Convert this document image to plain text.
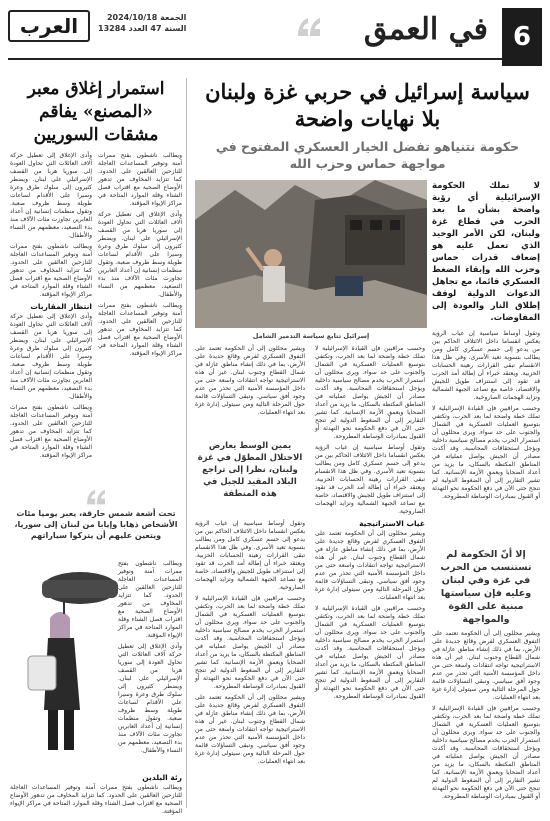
6
في العمق
العرب	الجمعة 2024/10/18
السنة 47 العدد 13284
سياسة إسرائيل في حربي غزة ولبنان بلا نهايات واضحة
حكومة نتنياهو تفضل الخيار العسكري المفتوح في مواجهة حماس وحزب الله
استمرار إغلاق معبر «المصنع» يفاقم مشقات السوريين
إسرائيل تتابع سياسة التدمير الشامل
لا تملك الحكومة الإسرائيلية أي رؤية واضحة بشأن ما بعد الحرب في قطاع غزة ولبنان، لكن الأمر الوحيد الذي تعمل عليه هو إضعاف قدرات حماس وحزب الله وإبقاء الضغط العسكري قائما، مع تجاهل الدعوات الدولية لوقف إطلاق النار والعودة إلى المفاوضات.

وتقول أوساط سياسية إن غياب الرؤية يعكس انقساما داخل الائتلاف الحاكم بين من يدعو إلى حسم عسكري كامل ومن يطالب بتسوية تعيد الأسرى. وفي ظل هذا الانقسام تبقى القرارات رهينة الحسابات الحزبية. ويعتقد خبراء أن إطالة أمد الحرب قد تقود إلى استنزاف طويل للجيش والاقتصاد، خاصة مع تصاعد الجبهة الشمالية وتزايد الهجمات الصاروخية.

وحسب مراقبين فإن القيادة الإسرائيلية لا تملك خطة واضحة لما بعد الحرب، وتكتفي بتوسيع العمليات العسكرية في الشمال والجنوب على حد سواء. ويرى محللون أن استمرار الحرب يخدم مصالح سياسية داخلية ويؤجل استحقاقات المحاسبة. وقد أكدت مصادر أن الجيش يواصل عملياته في المناطق المكتظة بالسكان، ما يزيد من أعداد الضحايا ويعمق الأزمة الإنسانية. كما تشير التقارير إلى أن الضغوط الدولية لم تنجح حتى الآن في دفع الحكومة نحو التهدئة أو القبول بمبادرات الوساطة المطروحة.

إلا أنّ الحكومة لم تستنسب من الحرب في غزة وفي لبنان وعليه فإن سياستها مبنية على القوة والمواجهة

ويشير محللون إلى أن الحكومة تعتمد على التفوق العسكري لفرض وقائع جديدة على الأرض، بما في ذلك إنشاء مناطق عازلة في شمال القطاع وجنوب لبنان. غير أن هذه الاستراتيجية تواجه انتقادات واسعة حتى من داخل المؤسسة الأمنية التي تحذر من عدم وجود أفق سياسي. وتبقى التساؤلات قائمة حول المرحلة التالية ومن سيتولى إدارة غزة بعد انتهاء العمليات.

وحسب مراقبين فإن القيادة الإسرائيلية لا تملك خطة واضحة لما بعد الحرب، وتكتفي بتوسيع العمليات العسكرية في الشمال والجنوب على حد سواء. ويرى محللون أن استمرار الحرب يخدم مصالح سياسية داخلية ويؤجل استحقاقات المحاسبة. وقد أكدت مصادر أن الجيش يواصل عملياته في المناطق المكتظة بالسكان، ما يزيد من أعداد الضحايا ويعمق الأزمة الإنسانية. كما تشير التقارير إلى أن الضغوط الدولية لم تنجح حتى الآن في دفع الحكومة نحو التهدئة أو القبول بمبادرات الوساطة المطروحة.

وحسب مراقبين فإن القيادة الإسرائيلية لا تملك خطة واضحة لما بعد الحرب، وتكتفي بتوسيع العمليات العسكرية في الشمال والجنوب على حد سواء. ويرى محللون أن استمرار الحرب يخدم مصالح سياسية داخلية ويؤجل استحقاقات المحاسبة. وقد أكدت مصادر أن الجيش يواصل عملياته في المناطق المكتظة بالسكان، ما يزيد من أعداد الضحايا ويعمق الأزمة الإنسانية. كما تشير التقارير إلى أن الضغوط الدولية لم تنجح حتى الآن في دفع الحكومة نحو التهدئة أو القبول بمبادرات الوساطة المطروحة.

وتقول أوساط سياسية إن غياب الرؤية يعكس انقساما داخل الائتلاف الحاكم بين من يدعو إلى حسم عسكري كامل ومن يطالب بتسوية تعيد الأسرى. وفي ظل هذا الانقسام تبقى القرارات رهينة الحسابات الحزبية. ويعتقد خبراء أن إطالة أمد الحرب قد تقود إلى استنزاف طويل للجيش والاقتصاد، خاصة مع تصاعد الجبهة الشمالية وتزايد الهجمات الصاروخية.

غياب الاستراتيجية

ويشير محللون إلى أن الحكومة تعتمد على التفوق العسكري لفرض وقائع جديدة على الأرض، بما في ذلك إنشاء مناطق عازلة في شمال القطاع وجنوب لبنان. غير أن هذه الاستراتيجية تواجه انتقادات واسعة حتى من داخل المؤسسة الأمنية التي تحذر من عدم وجود أفق سياسي. وتبقى التساؤلات قائمة حول المرحلة التالية ومن سيتولى إدارة غزة بعد انتهاء العمليات.

وحسب مراقبين فإن القيادة الإسرائيلية لا تملك خطة واضحة لما بعد الحرب، وتكتفي بتوسيع العمليات العسكرية في الشمال والجنوب على حد سواء. ويرى محللون أن استمرار الحرب يخدم مصالح سياسية داخلية ويؤجل استحقاقات المحاسبة. وقد أكدت مصادر أن الجيش يواصل عملياته في المناطق المكتظة بالسكان، ما يزيد من أعداد الضحايا ويعمق الأزمة الإنسانية. كما تشير التقارير إلى أن الضغوط الدولية لم تنجح حتى الآن في دفع الحكومة نحو التهدئة أو القبول بمبادرات الوساطة المطروحة.

يمين الوسط يعارض الاحتلال المطوّل في غزة ولبنان، نظرا إلى تراجع البلاد المقيد للجبل في هذه المنطقة

ويشير محللون إلى أن الحكومة تعتمد على التفوق العسكري لفرض وقائع جديدة على الأرض، بما في ذلك إنشاء مناطق عازلة في شمال القطاع وجنوب لبنان. غير أن هذه الاستراتيجية تواجه انتقادات واسعة حتى من داخل المؤسسة الأمنية التي تحذر من عدم وجود أفق سياسي. وتبقى التساؤلات قائمة حول المرحلة التالية ومن سيتولى إدارة غزة بعد انتهاء العمليات.

وتقول أوساط سياسية إن غياب الرؤية يعكس انقساما داخل الائتلاف الحاكم بين من يدعو إلى حسم عسكري كامل ومن يطالب بتسوية تعيد الأسرى. وفي ظل هذا الانقسام تبقى القرارات رهينة الحسابات الحزبية. ويعتقد خبراء أن إطالة أمد الحرب قد تقود إلى استنزاف طويل للجيش والاقتصاد، خاصة مع تصاعد الجبهة الشمالية وتزايد الهجمات الصاروخية.

وحسب مراقبين فإن القيادة الإسرائيلية لا تملك خطة واضحة لما بعد الحرب، وتكتفي بتوسيع العمليات العسكرية في الشمال والجنوب على حد سواء. ويرى محللون أن استمرار الحرب يخدم مصالح سياسية داخلية ويؤجل استحقاقات المحاسبة. وقد أكدت مصادر أن الجيش يواصل عملياته في المناطق المكتظة بالسكان، ما يزيد من أعداد الضحايا ويعمق الأزمة الإنسانية. كما تشير التقارير إلى أن الضغوط الدولية لم تنجح حتى الآن في دفع الحكومة نحو التهدئة أو القبول بمبادرات الوساطة المطروحة.

ويشير محللون إلى أن الحكومة تعتمد على التفوق العسكري لفرض وقائع جديدة على الأرض، بما في ذلك إنشاء مناطق عازلة في شمال القطاع وجنوب لبنان. غير أن هذه الاستراتيجية تواجه انتقادات واسعة حتى من داخل المؤسسة الأمنية التي تحذر من عدم وجود أفق سياسي. وتبقى التساؤلات قائمة حول المرحلة التالية ومن سيتولى إدارة غزة بعد انتهاء العمليات.

وأدى الإغلاق إلى تعطيل حركة آلاف العائلات التي تحاول العودة إلى سوريا هربا من القصف الإسرائيلي على لبنان. ويضطر كثيرون إلى سلوك طرق وعرة وسيرا على الأقدام لساعات طويلة وسط ظروف صعبة. وتقول منظمات إنسانية إن أعداد العابرين تجاوزت مئات الآلاف منذ بدء التصعيد، معظمهم من النساء والأطفال.

ويطالب ناشطون بفتح ممرات آمنة وتوفير المساعدات العاجلة للنازحين العالقين على الحدود. كما تتزايد المخاوف من تدهور الأوضاع الصحية مع اقتراب فصل الشتاء وقلة الموارد المتاحة في مراكز الإيواء المؤقتة.

انتظار المقاربات

وأدى الإغلاق إلى تعطيل حركة آلاف العائلات التي تحاول العودة إلى سوريا هربا من القصف الإسرائيلي على لبنان. ويضطر كثيرون إلى سلوك طرق وعرة وسيرا على الأقدام لساعات طويلة وسط ظروف صعبة. وتقول منظمات إنسانية إن أعداد العابرين تجاوزت مئات الآلاف منذ بدء التصعيد، معظمهم من النساء والأطفال.

ويطالب ناشطون بفتح ممرات آمنة وتوفير المساعدات العاجلة للنازحين العالقين على الحدود. كما تتزايد المخاوف من تدهور الأوضاع الصحية مع اقتراب فصل الشتاء وقلة الموارد المتاحة في مراكز الإيواء المؤقتة.

ويطالب ناشطون بفتح ممرات آمنة وتوفير المساعدات العاجلة للنازحين العالقين على الحدود. كما تتزايد المخاوف من تدهور الأوضاع الصحية مع اقتراب فصل الشتاء وقلة الموارد المتاحة في مراكز الإيواء المؤقتة.

وأدى الإغلاق إلى تعطيل حركة آلاف العائلات التي تحاول العودة إلى سوريا هربا من القصف الإسرائيلي على لبنان. ويضطر كثيرون إلى سلوك طرق وعرة وسيرا على الأقدام لساعات طويلة وسط ظروف صعبة. وتقول منظمات إنسانية إن أعداد العابرين تجاوزت مئات الآلاف منذ بدء التصعيد، معظمهم من النساء والأطفال.

ويطالب ناشطون بفتح ممرات آمنة وتوفير المساعدات العاجلة للنازحين العالقين على الحدود. كما تتزايد المخاوف من تدهور الأوضاع الصحية مع اقتراب فصل الشتاء وقلة الموارد المتاحة في مراكز الإيواء المؤقتة.

تحت أشعة شمس حارقة، يعبر يوميا مئات الأشخاص ذهابا وإيابا من لبنان إلى سوريا، ويتعين عليهم أن يتركوا سياراتهم

ويطالب ناشطون بفتح ممرات آمنة وتوفير المساعدات العاجلة للنازحين العالقين على الحدود. كما تتزايد المخاوف من تدهور الأوضاع الصحية مع اقتراب فصل الشتاء وقلة الموارد المتاحة في مراكز الإيواء المؤقتة.

وأدى الإغلاق إلى تعطيل حركة آلاف العائلات التي تحاول العودة إلى سوريا هربا من القصف الإسرائيلي على لبنان. ويضطر كثيرون إلى سلوك طرق وعرة وسيرا على الأقدام لساعات طويلة وسط ظروف صعبة. وتقول منظمات إنسانية إن أعداد العابرين تجاوزت مئات الآلاف منذ بدء التصعيد، معظمهم من النساء والأطفال.

رئة البلدين

ويطالب ناشطون بفتح ممرات آمنة وتوفير المساعدات العاجلة للنازحين العالقين على الحدود. كما تتزايد المخاوف من تدهور الأوضاع الصحية مع اقتراب فصل الشتاء وقلة الموارد المتاحة في مراكز الإيواء المؤقتة.
